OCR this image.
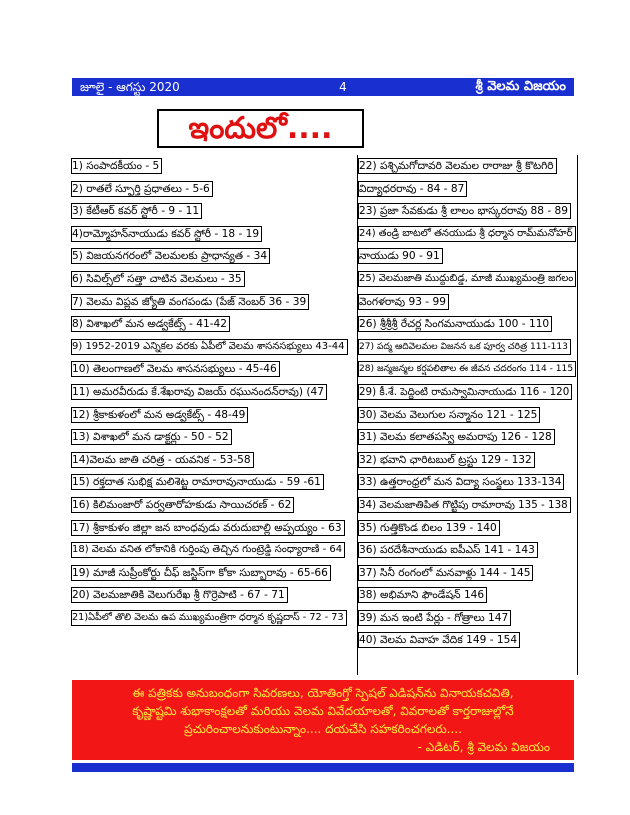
జూలై - ఆగస్టు 2020	4	శ్రీ వెలమ విజయం
ఇందులో....
1) సంపాదకీయం - 5
2) రాతలే స్ఫూర్తి ప్రధాతలు - 5-6
3) కేటీఆర్ కవర్ స్టోరీ - 9 - 11
4)రామ్మోహన్‌నాయుడు కవర్ స్టోరీ - 18 - 19
5) విజయనగరంలో వెలమలకు ప్రాధాన్యత - 34
6) సివిల్స్‌లో సత్తా చాటిన వెలమలు - 35
7) వెలమ విప్లవ జ్యోతి వంగపండు (పేజ్ నెంబర్ 36 - 39
8) విశాఖలో మన అడ్వకేట్స్ - 41-42
9) 1952-2019 ఎన్నికల వరకు ఏపీలో వెలమ శాసనసభ్యులు 43-44
10) తెలంగాణలో వెలమ శాసనసభ్యులు - 45-46
11) అమరవీరుడు కే.శేఖరావు విజయ్ రఘునందన్‌రావు) (47
12) శ్రీకాకుళంలో మన అడ్వకేట్స్ - 48-49
13) విశాఖలో మన డాక్టర్లు - 50 - 52
14)వెలమ జాతి చరిత్ర - యవనిక - 53-58
15) రక్తదాత సుభిక్ష మలిశెట్ట రామారావునాయుడు - 59 -61
16) కిలిమంజారో పర్వతారోహకుడు సాయిచరణ్ - 62
17) శ్రీకాకుళం జిల్లా జన బాంధవుడు వరుదుబాల్లి అప్పయ్యం - 63
18) వెలమ వనిత లోకానికి గుర్తింపు తెచ్చిన గుంట్రెడ్డి సంధ్యారాణి - 64
19) మాజీ సుప్రీంకోర్టు చీఫ్ జస్టిస్‌గా కోకా సుబ్బారావు - 65-66
20) వెలమజాతికి వెలుగురేఖ శ్రీ గొర్రెపాటి - 67 - 71
21)ఏపీలో తొలి వెలమ ఉప ముఖ్యమంత్రిగా ధర్మాన కృష్ణదాస్ - 72 - 73
22) పశ్చిమగోదావరి వెలమల రారాజు శ్రీ కొటగిరి
విద్యాధరరావు - 84 - 87
23) ప్రజా సేవకుడు శ్రీ లాలం భాస్కరరావు 88 - 89
24) తండ్రి బాటలో తనయుడు శ్రీ ధర్మాన రామ్‌మనోహర్
నాయుడు 90 - 91
25) వెలమజాతి ముద్దుబిడ్డ, మాజీ ముఖ్యమంత్రి జగలం
వెంగళరావు 93 - 99
26) శ్రీశ్రీశ్రీ రేచర్ల సింగమనాయుడు 100 - 110
27) పద్మ ఆదివెలమల విజనన ఒక పూర్వ చరిత్ర 111-113
28) జన్మజన్మల కర్షపలితాల ఈ జీవన చదరంగం 114 - 115
29) కీ.శే. పెద్దింటి రామస్వామినాయుడు 116 - 120
30) వెలమ వెలుగుల సన్మానం 121 - 125
31) వెలమ కలాతపస్వి అమరాపు 126 - 128
32) భవాని ఛారిటబుల్ ట్రస్టు 129 - 132
33) ఉత్తరాంధ్రలో మన విద్యా సంస్థలు 133-134
34) వెలమజాతిపిత గొట్టిపు రామారావు 135 - 138
35) గుత్తికొండ బిలం 139 - 140
36) పరదేశీనాయుడు ఐపీఎస్ 141 - 143
37) సినీ రంగంలో మనవాళ్లు 144 - 145
38) అభిమాని ఫౌండేషన్ 146
39) మన ఇంటి పేర్లు - గోత్రాలు 147
40) వెలమ వివాహ వేదిక 149 - 154
ఈ పత్రికకు అనుబంధంగా సివరణలు, యోతింగ్తో స్పెషల్ ఎడిషన్‌ను వినాయకచవితి,
కృష్ణాష్టమి శుభాకాంక్షలతో మరియు వెలమ వివేదయాలతో, వివరాలతో కార్తరాజుల్లోనే
ప్రచురించాలనుకుంటున్నాం.... దయచేసి సహకరించగలరు....
- ఎడిటర్, శ్రీ వెలమ విజయం
